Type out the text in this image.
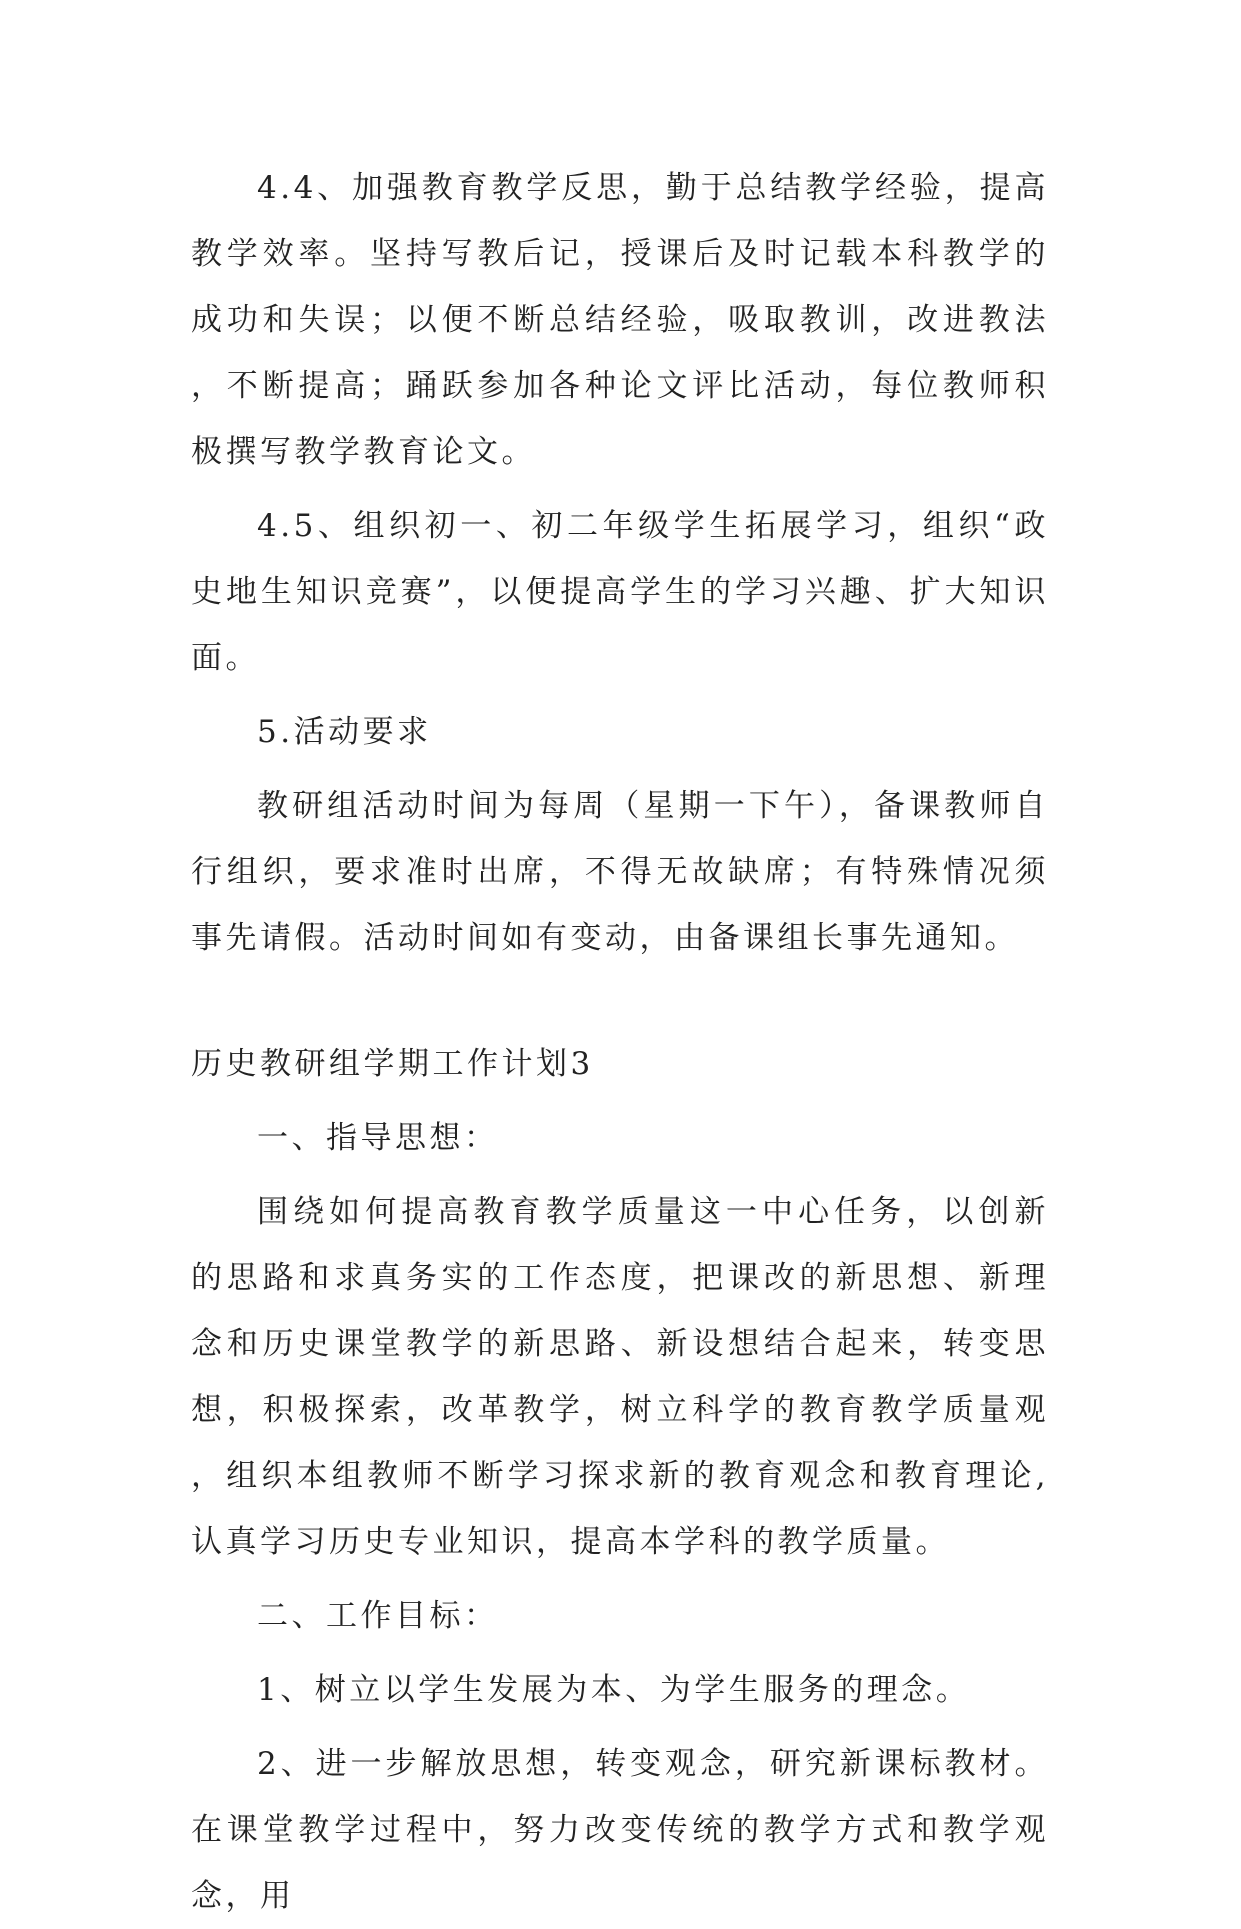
4.4、加强教育教学反思，勤于总结教学经验，提高教学效率。坚持写教后记，授课后及时记载本科教学的成功和失误；以便不断总结经验，吸取教训，改进教法，不断提高；踊跃参加各种论文评比活动，每位教师积极撰写教学教育论文。

4.5、组织初一、初二年级学生拓展学习，组织“政史地生知识竞赛”，以便提高学生的学习兴趣、扩大知识面。

5.活动要求

教研组活动时间为每周（星期一下午），备课教师自行组织，要求准时出席，不得无故缺席；有特殊情况须事先请假。活动时间如有变动，由备课组长事先通知。

历史教研组学期工作计划3

一、指导思想：

围绕如何提高教育教学质量这一中心任务，以创新的思路和求真务实的工作态度，把课改的新思想、新理念和历史课堂教学的新思路、新设想结合起来，转变思想，积极探索，改革教学，树立科学的教育教学质量观，组织本组教师不断学习探求新的教育观念和教育理论,认真学习历史专业知识，提高本学科的教学质量。

二、工作目标：

1、树立以学生发展为本、为学生服务的理念。

2、进一步解放思想，转变观念，研究新课标教材。在课堂教学过程中，努力改变传统的教学方式和教学观念，用
